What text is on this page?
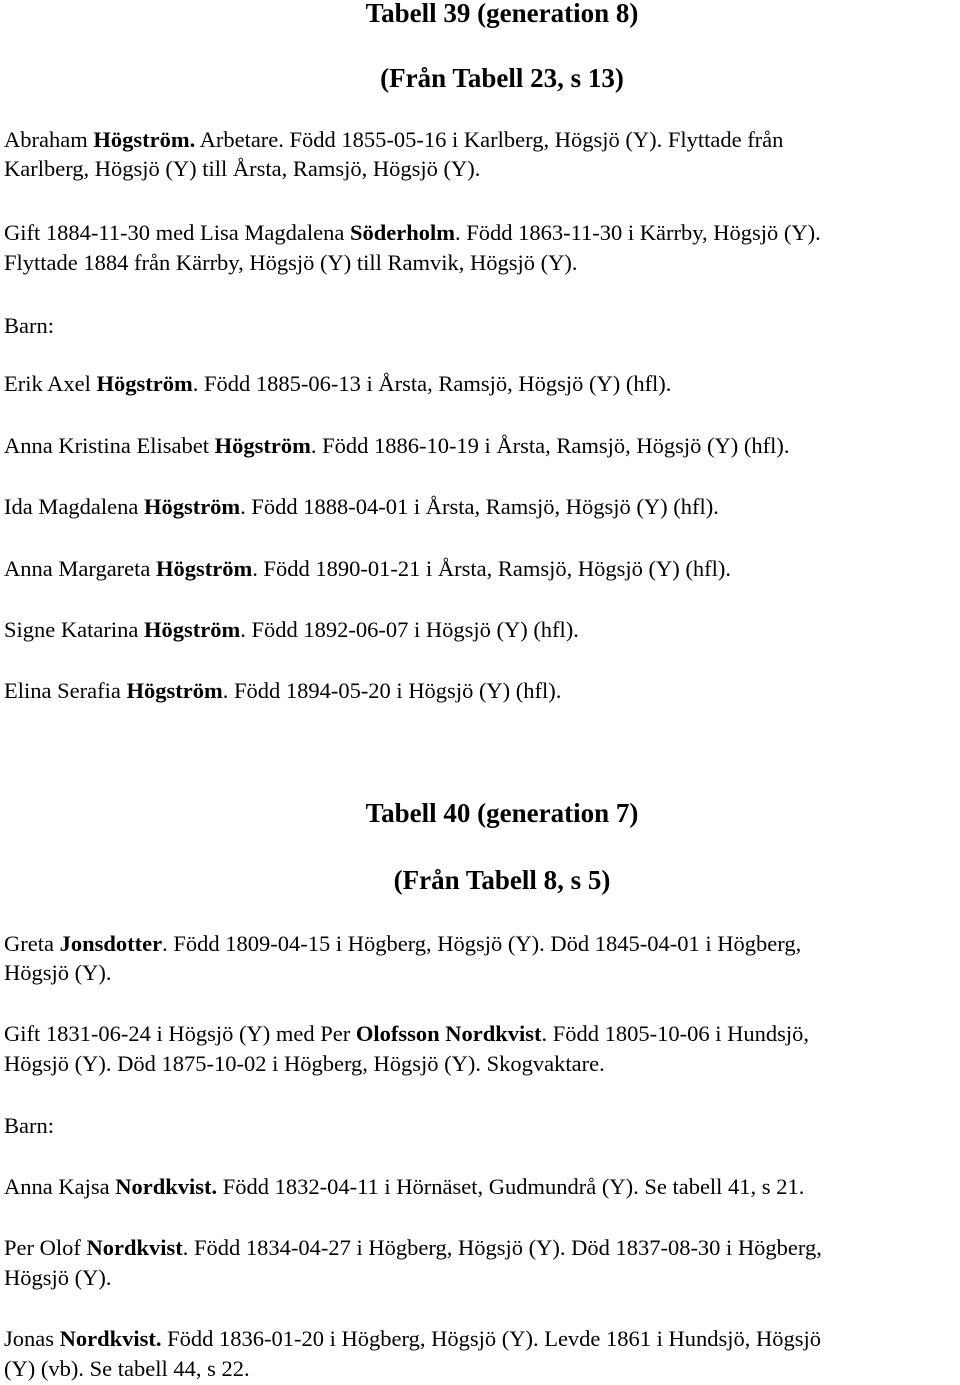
Tabell 39 (generation 8)
(Från Tabell 23, s 13)

Abraham Högström. Arbetare. Född 1855-05-16 i Karlberg, Högsjö (Y). Flyttade från

Karlberg, Högsjö (Y) till Årsta, Ramsjö, Högsjö (Y).

Gift 1884-11-30 med Lisa Magdalena Söderholm. Född 1863-11-30 i Kärrby, Högsjö (Y).

Flyttade 1884 från Kärrby, Högsjö (Y) till Ramvik, Högsjö (Y).

Barn:

Erik Axel Högström. Född 1885-06-13 i Årsta, Ramsjö, Högsjö (Y) (hfl).

Anna Kristina Elisabet Högström. Född 1886-10-19 i Årsta, Ramsjö, Högsjö (Y) (hfl).

Ida Magdalena Högström. Född 1888-04-01 i Årsta, Ramsjö, Högsjö (Y) (hfl).

Anna Margareta Högström. Född 1890-01-21 i Årsta, Ramsjö, Högsjö (Y) (hfl).

Signe Katarina Högström. Född 1892-06-07 i Högsjö (Y) (hfl).

Elina Serafia Högström. Född 1894-05-20 i Högsjö (Y) (hfl).

Tabell 40 (generation 7)
(Från Tabell 8, s 5)

Greta Jonsdotter. Född 1809-04-15 i Högberg, Högsjö (Y). Död 1845-04-01 i Högberg,

Högsjö (Y).

Gift 1831-06-24 i Högsjö (Y) med Per Olofsson Nordkvist. Född 1805-10-06 i Hundsjö,

Högsjö (Y). Död 1875-10-02 i Högberg, Högsjö (Y). Skogvaktare.

Barn:

Anna Kajsa Nordkvist. Född 1832-04-11 i Hörnäset, Gudmundrå (Y). Se tabell 41, s 21.

Per Olof Nordkvist. Född 1834-04-27 i Högberg, Högsjö (Y). Död 1837-08-30 i Högberg,

Högsjö (Y).

Jonas Nordkvist. Född 1836-01-20 i Högberg, Högsjö (Y). Levde 1861 i Hundsjö, Högsjö

(Y) (vb). Se tabell 44, s 22.
